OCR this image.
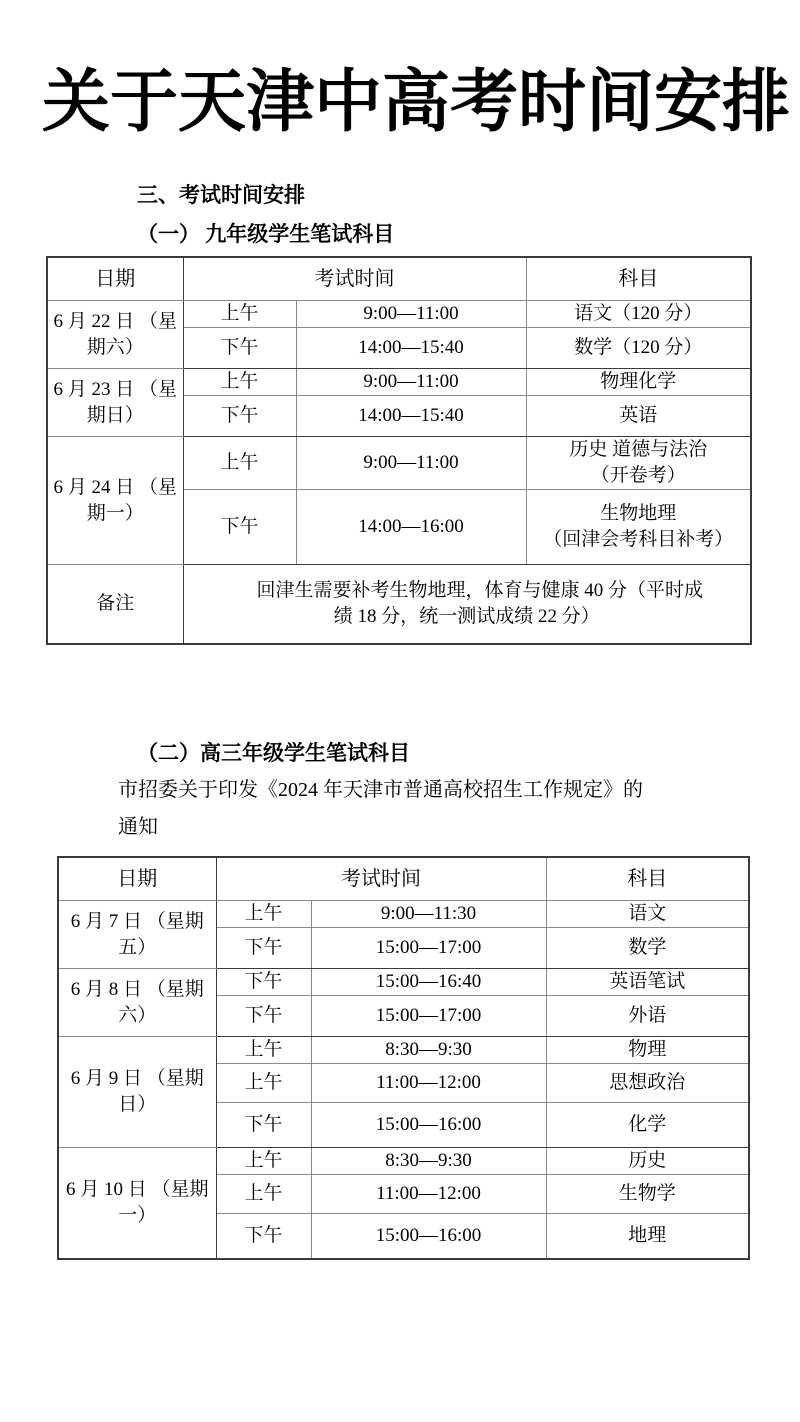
关于天津中高考时间安排
三、考试时间安排
（一） 九年级学生笔试科目
日期	考试时间		科目
6 月 22 日 （星期六）	上午	9:00—11:00	语文（120 分）
	下午	14:00—15:40	数学（120 分）
6 月 23 日 （星期日）	上午	9:00—11:00	物理化学
	下午	14:00—15:40	英语
6 月 24 日 （星期一）	上午	9:00—11:00	历史 道德与法治
（开卷考）

	下午	14:00—16:00	生物地理
（回津会考科目补考）

备注	回津生需要补考生物地理，体育与健康 40 分（平时成
绩 18 分，统一测试成绩 22 分）		
（二）高三年级学生笔试科目
市招委关于印发《2024 年天津市普通高校招生工作规定》的
通知
日期	考试时间		科目
6 月 7 日 （星期五）	上午	9:00—11:30	语文
	下午	15:00—17:00	数学
6 月 8 日 （星期六）	下午	15:00—16:40	英语笔试
	下午	15:00—17:00	外语
6 月 9 日 （星期日）	上午	8:30—9:30	物理
	上午	11:00—12:00	思想政治
	下午	15:00—16:00	化学
6 月 10 日 （星期一）	上午	8:30—9:30	历史
	上午	11:00—12:00	生物学
	下午	15:00—16:00	地理
